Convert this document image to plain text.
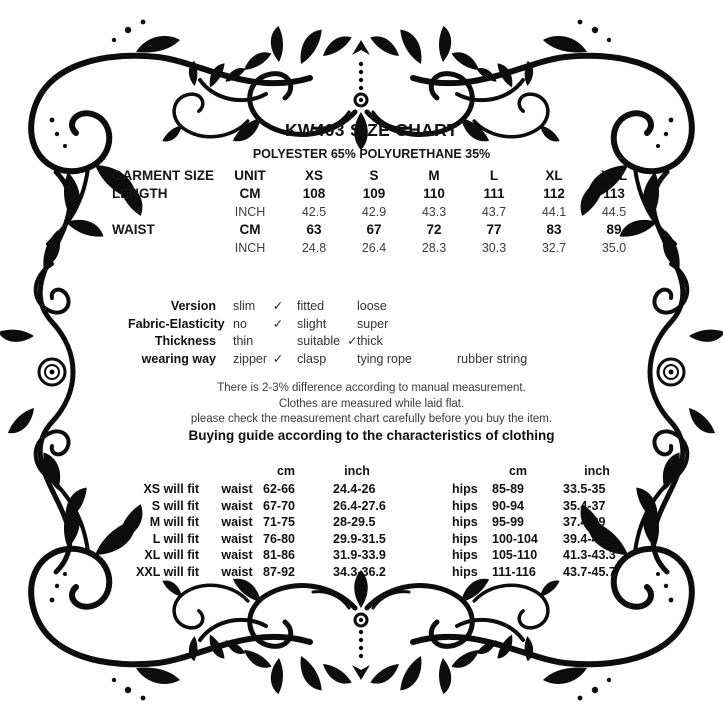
KW403 SIZE CHART
POLYESTER 65% POLYURETHANE 35%
GARMENT SIZE	UNIT	XS	S	M	L	XL	XXL
LENGTH	CM	108	109	110	111	112	113
INCH	42.5	42.9	43.3	43.7	44.1	44.5
WAIST	CM	63	67	72	77	83	89
INCH	24.8	26.4	28.3	30.3	32.7	35.0
Version	slim	✓	fitted	loose
Fabric-Elasticity no	✓	slight	super
Thickness	thin	suitable ✓ thick
wearing way	zipper ✓	clasp	tying rope	rubber string
There is 2-3% difference according to manual measurement.
Clothes are measured while laid flat.
please check the measurement chart carefully before you buy the item.
Buying guide according to the characteristics of clothing
cm	inch	cm	inch
XS will fit	waist 62-66	24.4-26	hips	85-89	33.5-35
S will fit	waist 67-70	26.4-27.6	hips	90-94	35.4-37
M will fit	waist 71-75	28-29.5	hips	95-99	37.4-39
L will fit	waist 76-80	29.9-31.5	hips	100-104	39.4-40.9
XL will fit	waist 81-86	31.9-33.9	hips	105-110	41.3-43.3
XXL will fit	waist 87-92	34.3-36.2	hips	111-116	43.7-45.7
